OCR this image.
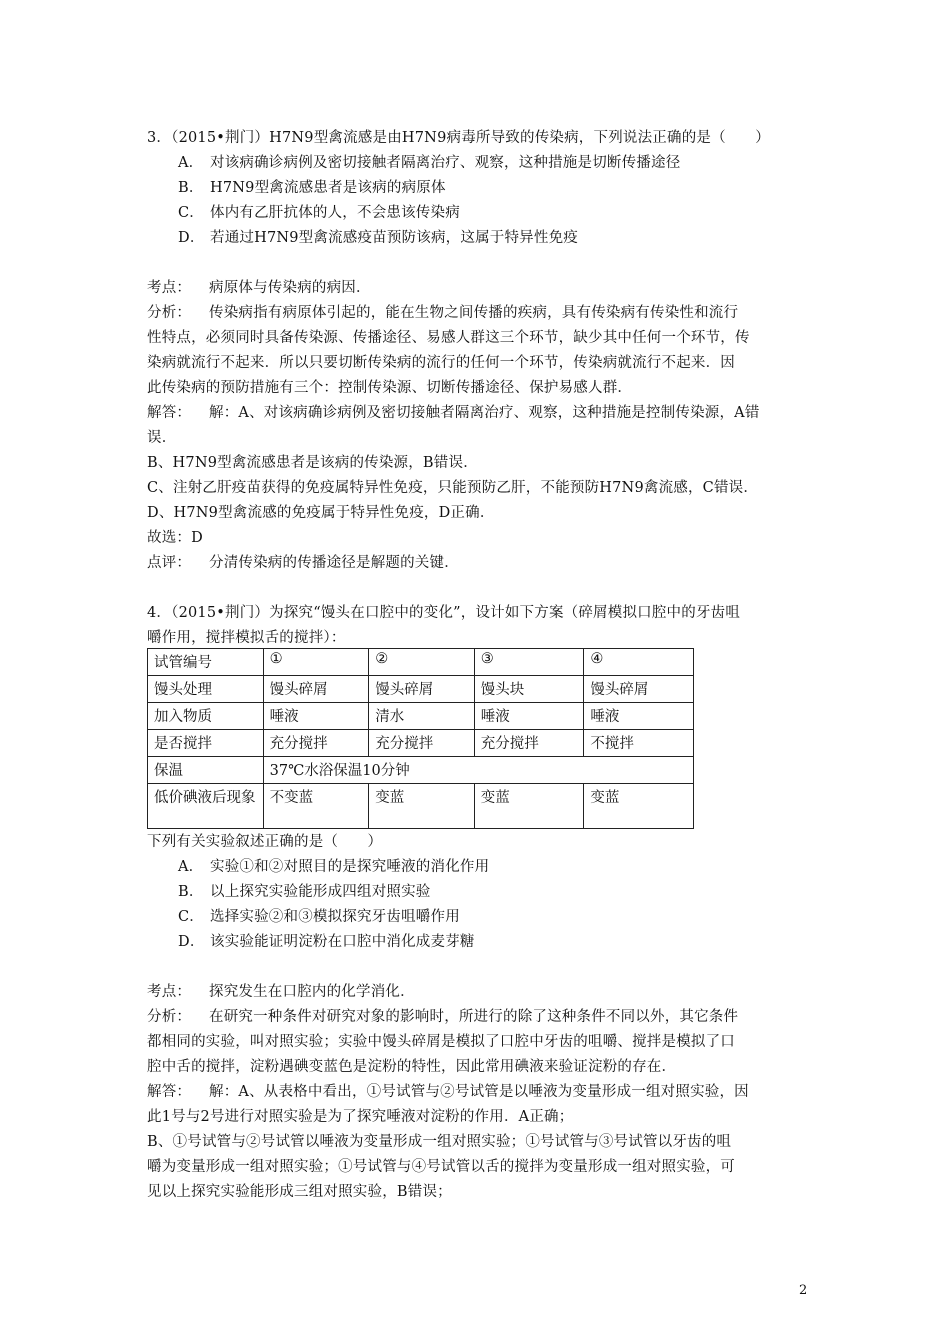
3．（2015•荆门）H7N9型禽流感是由H7N9病毒所导致的传染病，下列说法正确的是（　　）
A． 对该病确诊病例及密切接触者隔离治疗、观察，这种措施是切断传播途径
B． H7N9型禽流感患者是该病的病原体
C． 体内有乙肝抗体的人，不会患该传染病
D． 若通过H7N9型禽流感疫苗预防该病，这属于特异性免疫
考点： 病原体与传染病的病因．
分析： 传染病指有病原体引起的，能在生物之间传播的疾病，具有传染病有传染性和流行
性特点，必须同时具备传染源、传播途径、易感人群这三个环节，缺少其中任何一个环节，传
染病就流行不起来．所以只要切断传染病的流行的任何一个环节，传染病就流行不起来．因
此传染病的预防措施有三个：控制传染源、切断传播途径、保护易感人群．
解答： 解：A、对该病确诊病例及密切接触者隔离治疗、观察，这种措施是控制传染源，A错
误．
B、H7N9型禽流感患者是该病的传染源，B错误．
C、注射乙肝疫苗获得的免疫属特异性免疫，只能预防乙肝，不能预防H7N9禽流感，C错误．
D、H7N9型禽流感的免疫属于特异性免疫，D正确．
故选：D
点评： 分清传染病的传播途径是解题的关键．
4．（2015•荆门）为探究“馒头在口腔中的变化”，设计如下方案（碎屑模拟口腔中的牙齿咀
嚼作用，搅拌模拟舌的搅拌）：
试管编号	①	②	③	④
馒头处理	馒头碎屑	馒头碎屑	馒头块	馒头碎屑
加入物质	唾液	清水	唾液	唾液
是否搅拌	充分搅拌	充分搅拌	充分搅拌	不搅拌
保温	37℃水浴保温10分钟			
低价碘液后现象	不变蓝	变蓝	变蓝	变蓝
下列有关实验叙述正确的是（　　）
A． 实验①和②对照目的是探究唾液的消化作用
B． 以上探究实验能形成四组对照实验
C． 选择实验②和③模拟探究牙齿咀嚼作用
D． 该实验能证明淀粉在口腔中消化成麦芽糖
考点： 探究发生在口腔内的化学消化．
分析： 在研究一种条件对研究对象的影响时，所进行的除了这种条件不同以外，其它条件
都相同的实验，叫对照实验；实验中馒头碎屑是模拟了口腔中牙齿的咀嚼、搅拌是模拟了口
腔中舌的搅拌，淀粉遇碘变蓝色是淀粉的特性，因此常用碘液来验证淀粉的存在．
解答： 解：A、从表格中看出，①号试管与②号试管是以唾液为变量形成一组对照实验，因
此1号与2号进行对照实验是为了探究唾液对淀粉的作用．A正确；
B、①号试管与②号试管以唾液为变量形成一组对照实验；①号试管与③号试管以牙齿的咀
嚼为变量形成一组对照实验；①号试管与④号试管以舌的搅拌为变量形成一组对照实验，可
见以上探究实验能形成三组对照实验，B错误；
2
